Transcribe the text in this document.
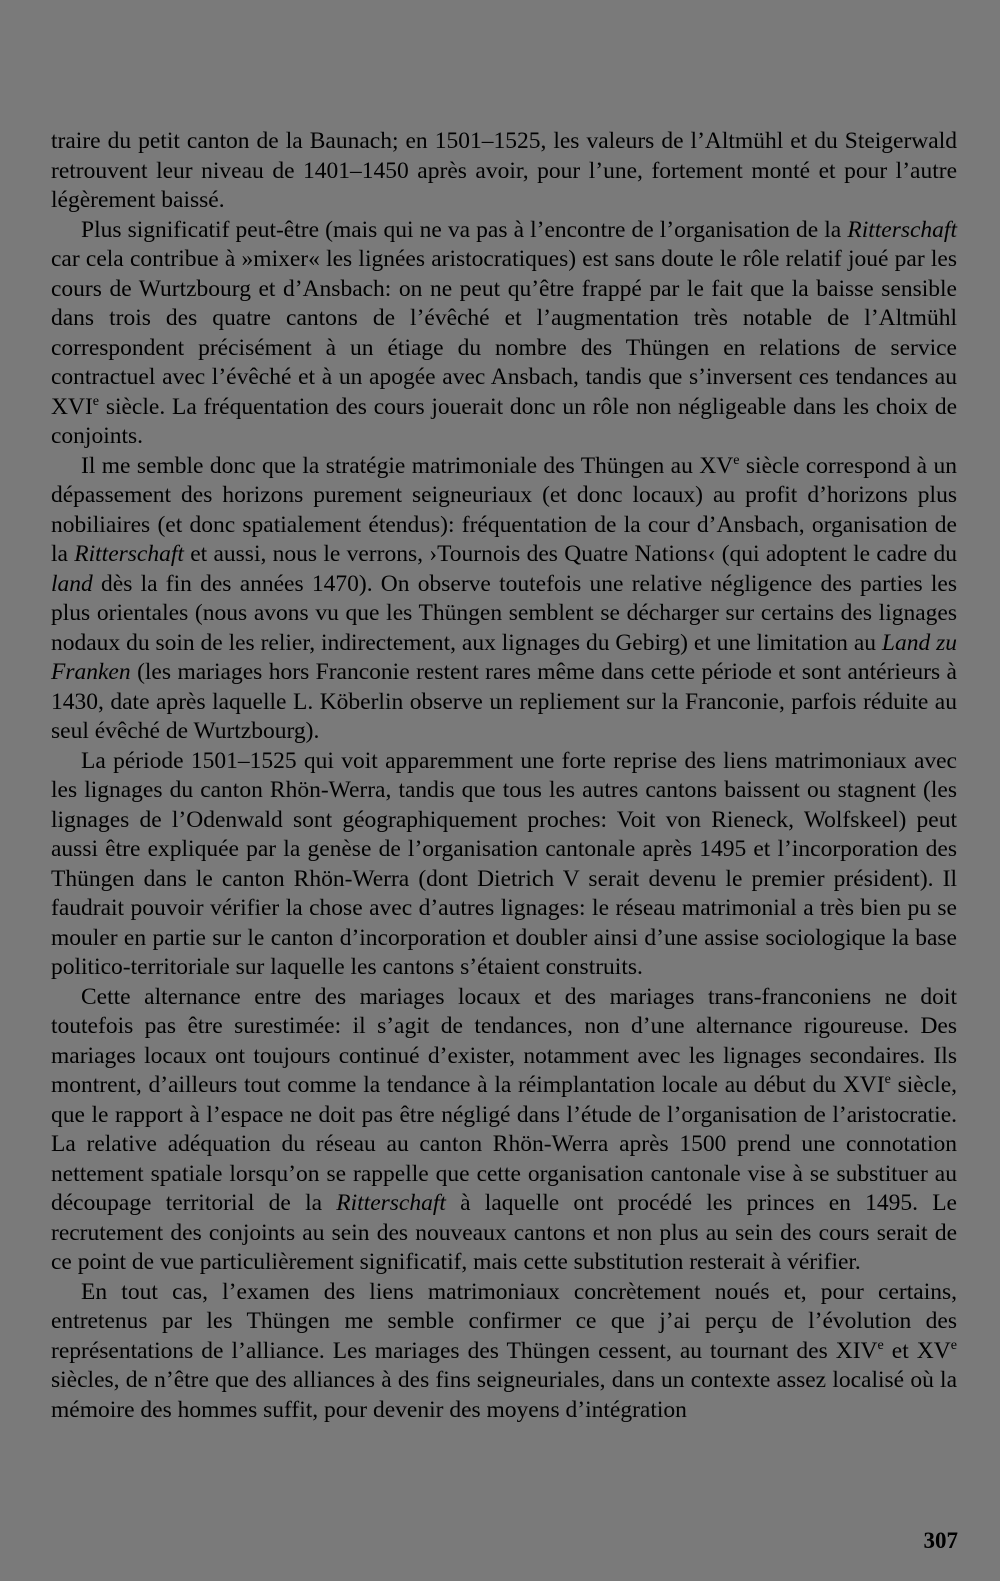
traire du petit canton de la Baunach; en 1501–1525, les valeurs de l’Altmühl et du Steigerwald retrouvent leur niveau de 1401–1450 après avoir, pour l’une, fortement monté et pour l’autre légèrement baissé.

Plus significatif peut-être (mais qui ne va pas à l’encontre de l’organisation de la Ritterschaft car cela contribue à »mixer« les lignées aristocratiques) est sans doute le rôle relatif joué par les cours de Wurtzbourg et d’Ansbach: on ne peut qu’être frappé par le fait que la baisse sensible dans trois des quatre cantons de l’évêché et l’augmentation très notable de l’Altmühl correspondent précisément à un étiage du nombre des Thüngen en relations de service contractuel avec l’évêché et à un apogée avec Ansbach, tandis que s’inversent ces tendances au XVIe siècle. La fréquentation des cours jouerait donc un rôle non négligeable dans les choix de conjoints.

Il me semble donc que la stratégie matrimoniale des Thüngen au XVe siècle correspond à un dépassement des horizons purement seigneuriaux (et donc locaux) au profit d’horizons plus nobiliaires (et donc spatialement étendus): fréquentation de la cour d’Ansbach, organisation de la Ritterschaft et aussi, nous le verrons, ›Tournois des Quatre Nations‹ (qui adoptent le cadre du land dès la fin des années 1470). On observe toutefois une relative négligence des parties les plus orientales (nous avons vu que les Thüngen semblent se décharger sur certains des lignages nodaux du soin de les relier, indirectement, aux lignages du Gebirg) et une limitation au Land zu Franken (les mariages hors Franconie restent rares même dans cette période et sont antérieurs à 1430, date après laquelle L. Köberlin observe un repliement sur la Franconie, parfois réduite au seul évêché de Wurtzbourg).

La période 1501–1525 qui voit apparemment une forte reprise des liens matrimoniaux avec les lignages du canton Rhön-Werra, tandis que tous les autres cantons baissent ou stagnent (les lignages de l’Odenwald sont géographiquement proches: Voit von Rieneck, Wolfskeel) peut aussi être expliquée par la genèse de l’organisation cantonale après 1495 et l’incorporation des Thüngen dans le canton Rhön-Werra (dont Dietrich V serait devenu le premier président). Il faudrait pouvoir vérifier la chose avec d’autres lignages: le réseau matrimonial a très bien pu se mouler en partie sur le canton d’incorporation et doubler ainsi d’une assise sociologique la base politico-territoriale sur laquelle les cantons s’étaient construits.

Cette alternance entre des mariages locaux et des mariages trans-franconiens ne doit toutefois pas être surestimée: il s’agit de tendances, non d’une alternance rigoureuse. Des mariages locaux ont toujours continué d’exister, notamment avec les lignages secondaires. Ils montrent, d’ailleurs tout comme la tendance à la réimplantation locale au début du XVIe siècle, que le rapport à l’espace ne doit pas être négligé dans l’étude de l’organisation de l’aristocratie. La relative adéquation du réseau au canton Rhön-Werra après 1500 prend une connotation nettement spatiale lorsqu’on se rappelle que cette organisation cantonale vise à se substituer au découpage territorial de la Ritterschaft à laquelle ont procédé les princes en 1495. Le recrutement des conjoints au sein des nouveaux cantons et non plus au sein des cours serait de ce point de vue particulièrement significatif, mais cette substitution resterait à vérifier.

En tout cas, l’examen des liens matrimoniaux concrètement noués et, pour certains, entretenus par les Thüngen me semble confirmer ce que j’ai perçu de l’évolution des représentations de l’alliance. Les mariages des Thüngen cessent, au tournant des XIVe et XVe siècles, de n’être que des alliances à des fins seigneuriales, dans un contexte assez localisé où la mémoire des hommes suffit, pour devenir des moyens d’intégration

307
